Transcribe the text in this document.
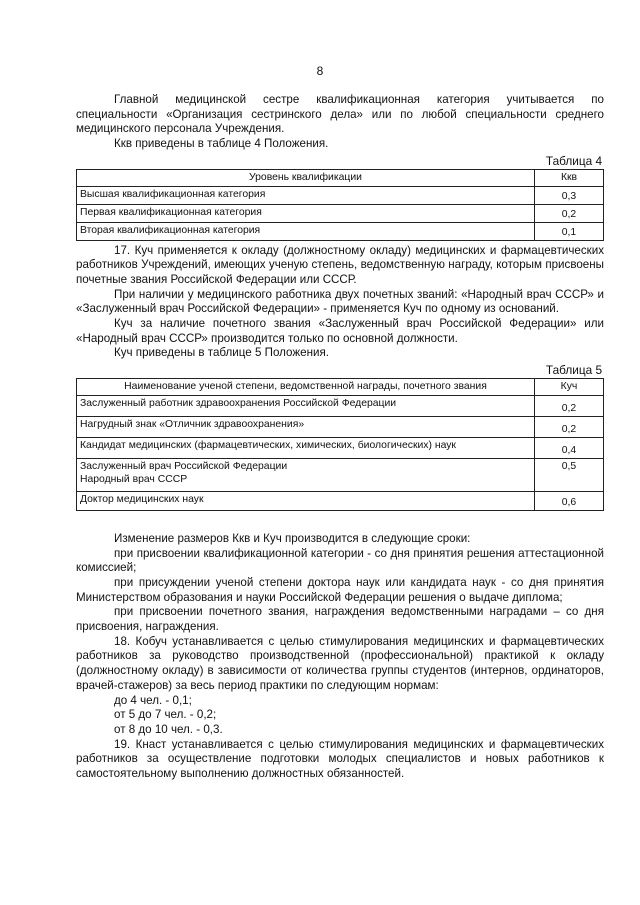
8

Главной медицинской сестре квалификационная категория учитывается по специальности «Организация сестринского дела» или по любой специальности среднего медицинского персонала Учреждения.

Ккв приведены в таблице 4 Положения.

Таблица 4
Уровень квалификации	Ккв
Высшая квалификационная категория	0,3
Первая квалификационная категория	0,2
Вторая квалификационная категория	0,1

17. Куч применяется к окладу (должностному окладу) медицинских и фармацевтических работников Учреждений, имеющих ученую степень, ведомственную награду, которым присвоены почетные звания Российской Федерации или СССР.

При наличии у медицинского работника двух почетных званий: «Народный врач СССР» и «Заслуженный врач Российской Федерации» - применяется Куч по одному из оснований.

Куч за наличие почетного звания «Заслуженный врач Российской Федерации» или «Народный врач СССР» производится только по основной должности.

Куч приведены в таблице 5 Положения.

Таблица 5
Наименование ученой степени, ведомственной награды, почетного звания	Куч
Заслуженный работник здравоохранения Российской Федерации	0,2
Нагрудный знак «Отличник здравоохранения»	0,2
Кандидат медицинских (фармацевтических, химических, биологических) наук	0,4

Заслуженный врач Российской Федерации
Народный врач СССР	0,5
Доктор медицинских наук	0,6

Изменение размеров Ккв и Куч производится в следующие сроки:

при присвоении квалификационной категории - со дня принятия решения аттестационной комиссией;

при присуждении ученой степени доктора наук или кандидата наук - со дня принятия Министерством образования и науки Российской Федерации решения о выдаче диплома;

при присвоении почетного звания, награждения ведомственными наградами – со дня присвоения, награждения.

18. Кобуч устанавливается с целью стимулирования медицинских и фармацевтических работников за руководство производственной (профессиональной) практикой к окладу (должностному окладу) в зависимости от количества группы студентов (интернов, ординаторов, врачей-стажеров) за весь период практики по следующим нормам:

до 4 чел. - 0,1;

от 5 до 7 чел. - 0,2;

от 8 до 10 чел. - 0,3.

19. Кнаст устанавливается с целью стимулирования медицинских и фармацевтических работников за осуществление подготовки молодых специалистов и новых работников к самостоятельному выполнению должностных обязанностей.
